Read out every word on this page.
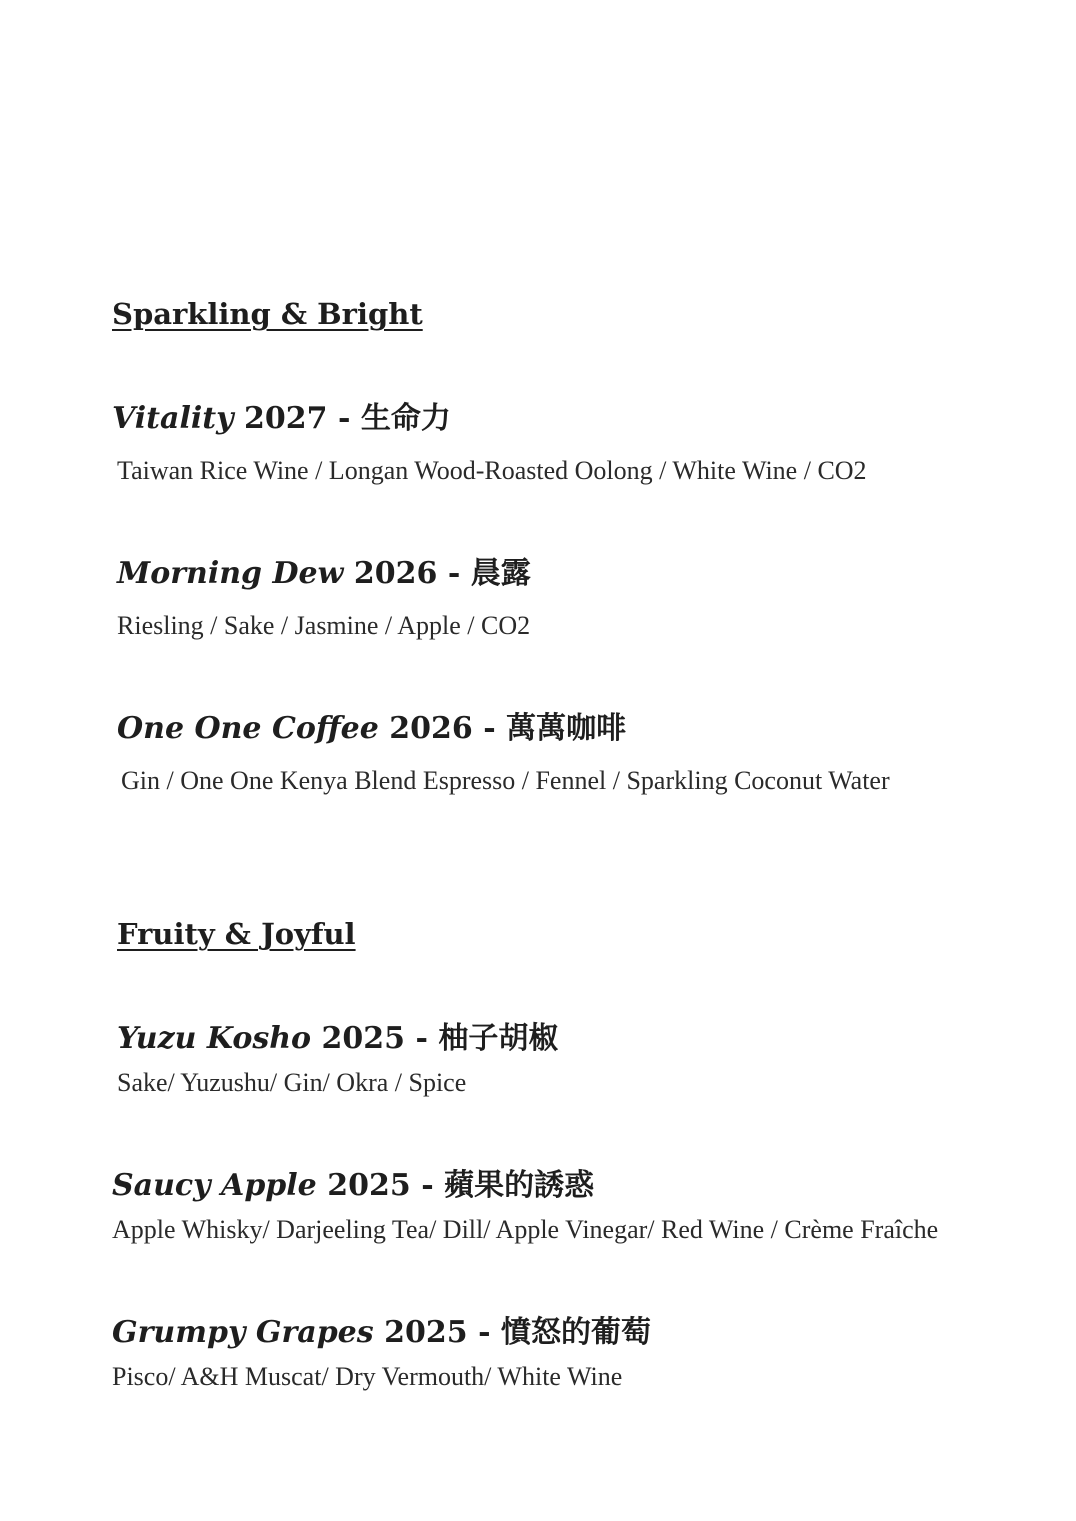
Sparkling & Bright

Vitality 2027 - 生命力

Taiwan Rice Wine / Longan Wood-Roasted Oolong / White Wine / CO2

Morning Dew 2026 - 晨露

Riesling / Sake / Jasmine / Apple / CO2

One One Coffee 2026 - 萬萬咖啡

Gin / One One Kenya Blend Espresso / Fennel / Sparkling Coconut Water

Fruity & Joyful

Yuzu Kosho 2025 - 柚子胡椒

Sake/ Yuzushu/ Gin/ Okra / Spice

Saucy Apple 2025 - 蘋果的誘惑

Apple Whisky/ Darjeeling Tea/ Dill/ Apple Vinegar/ Red Wine / Crème Fraîche

Grumpy Grapes 2025 - 憤怒的葡萄

Pisco/ A&H Muscat/ Dry Vermouth/ White Wine
